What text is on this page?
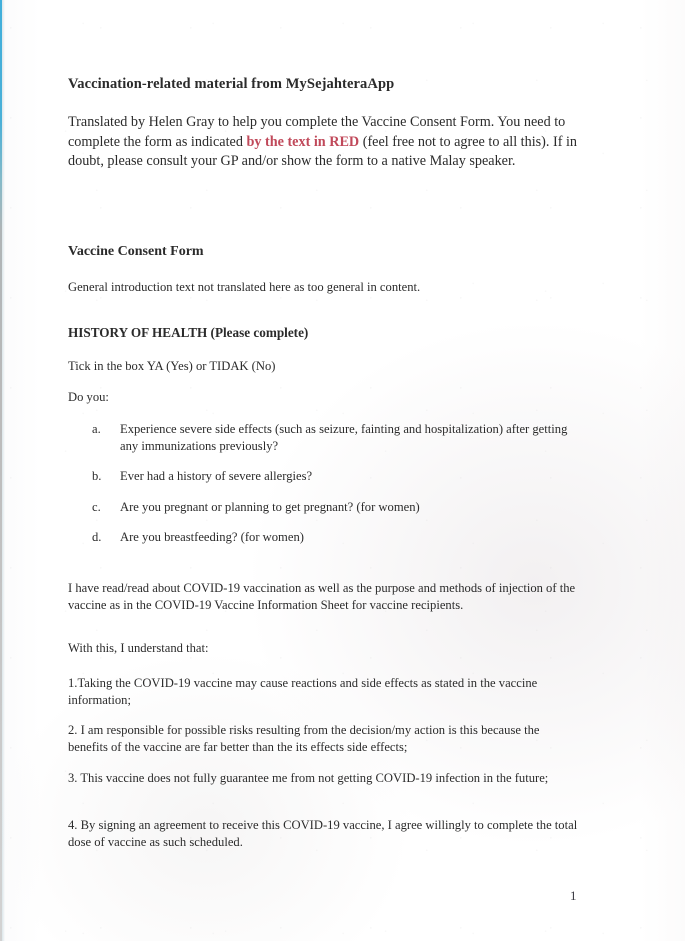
Vaccination-related material from MySejahteraApp

Translated by Helen Gray to help you complete the Vaccine Consent Form. You need to complete the form as indicated by the text in RED (feel free not to agree to all this). If in doubt, please consult your GP and/or show the form to a native Malay speaker.

Vaccine Consent Form

General introduction text not translated here as too general in content.

HISTORY OF HEALTH (Please complete)

Tick in the box YA (Yes) or TIDAK (No)

Do you:

a.	Experience severe side effects (such as seizure, fainting and hospitalization) after getting any immunizations previously?
b.	Ever had a history of severe allergies?
c.	Are you pregnant or planning to get pregnant? (for women)
d.	Are you breastfeeding? (for women)

I have read/read about COVID-19 vaccination as well as the purpose and methods of injection of the vaccine as in the COVID-19 Vaccine Information Sheet for vaccine recipients.

With this, I understand that:

1.Taking the COVID-19 vaccine may cause reactions and side effects as stated in the vaccine information;

2. I am responsible for possible risks resulting from the decision/my action is this because the benefits of the vaccine are far better than the its effects side effects;

3. This vaccine does not fully guarantee me from not getting COVID-19 infection in the future;

4. By signing an agreement to receive this COVID-19 vaccine, I agree willingly to complete the total dose of vaccine as such scheduled.

1
